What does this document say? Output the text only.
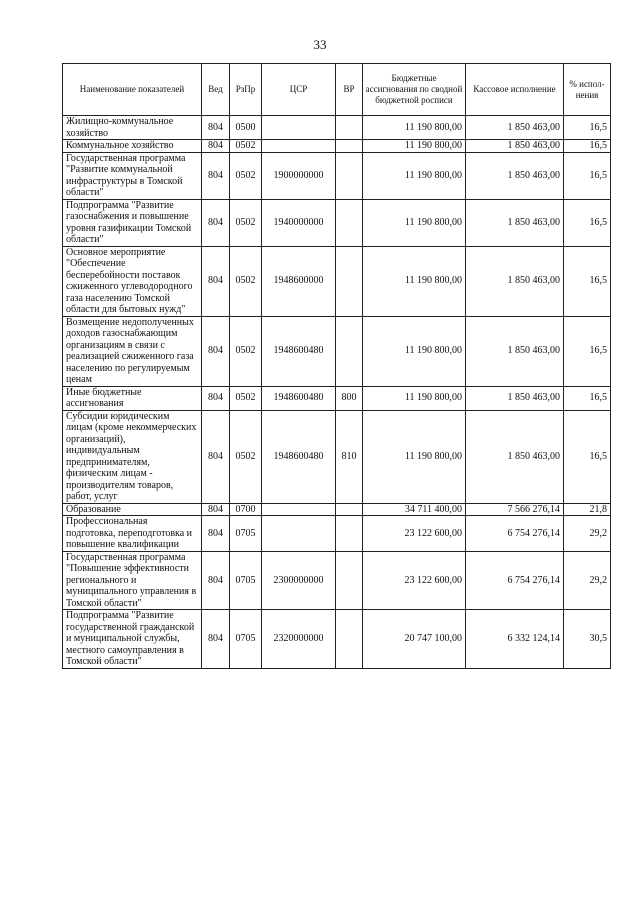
33
Наименование показателей	Вед	РзПр	ЦСР	ВР	Бюджетные ассигнования по сводной бюджетной росписи	Кассовое исполнение	% испол-нения
Жилищно-коммунальное хозяйство	804	0500			11 190 800,00	1 850 463,00	16,5
Коммунальное хозяйство	804	0502			11 190 800,00	1 850 463,00	16,5
Государственная программа "Развитие коммунальной инфраструктуры в Томской области"	804	0502	1900000000		11 190 800,00	1 850 463,00	16,5
Подпрограмма "Развитие газоснабжения и повышение уровня газификации Томской области"	804	0502	1940000000		11 190 800,00	1 850 463,00	16,5
Основное мероприятие "Обеспечение бесперебойности поставок сжиженного углеводородного газа населению Томской области для бытовых нужд"	804	0502	1948600000		11 190 800,00	1 850 463,00	16,5
Возмещение недополученных доходов газоснабжающим организациям в связи с реализацией сжиженного газа населению по регулируемым ценам	804	0502	1948600480		11 190 800,00	1 850 463,00	16,5
Иные бюджетные ассигнования	804	0502	1948600480	800	11 190 800,00	1 850 463,00	16,5
Субсидии юридическим лицам (кроме некоммерческих организаций), индивидуальным предпринимателям, физическим лицам - производителям товаров, работ, услуг	804	0502	1948600480	810	11 190 800,00	1 850 463,00	16,5
Образование	804	0700			34 711 400,00	7 566 276,14	21,8
Профессиональная подготовка, переподготовка и повышение квалификации	804	0705			23 122 600,00	6 754 276,14	29,2
Государственная программа "Повышение эффективности регионального и муниципального управления в Томской области"	804	0705	2300000000		23 122 600,00	6 754 276,14	29,2
Подпрограмма "Развитие государственной гражданской и муниципальной службы, местного самоуправления в Томской области"	804	0705	2320000000		20 747 100,00	6 332 124,14	30,5
